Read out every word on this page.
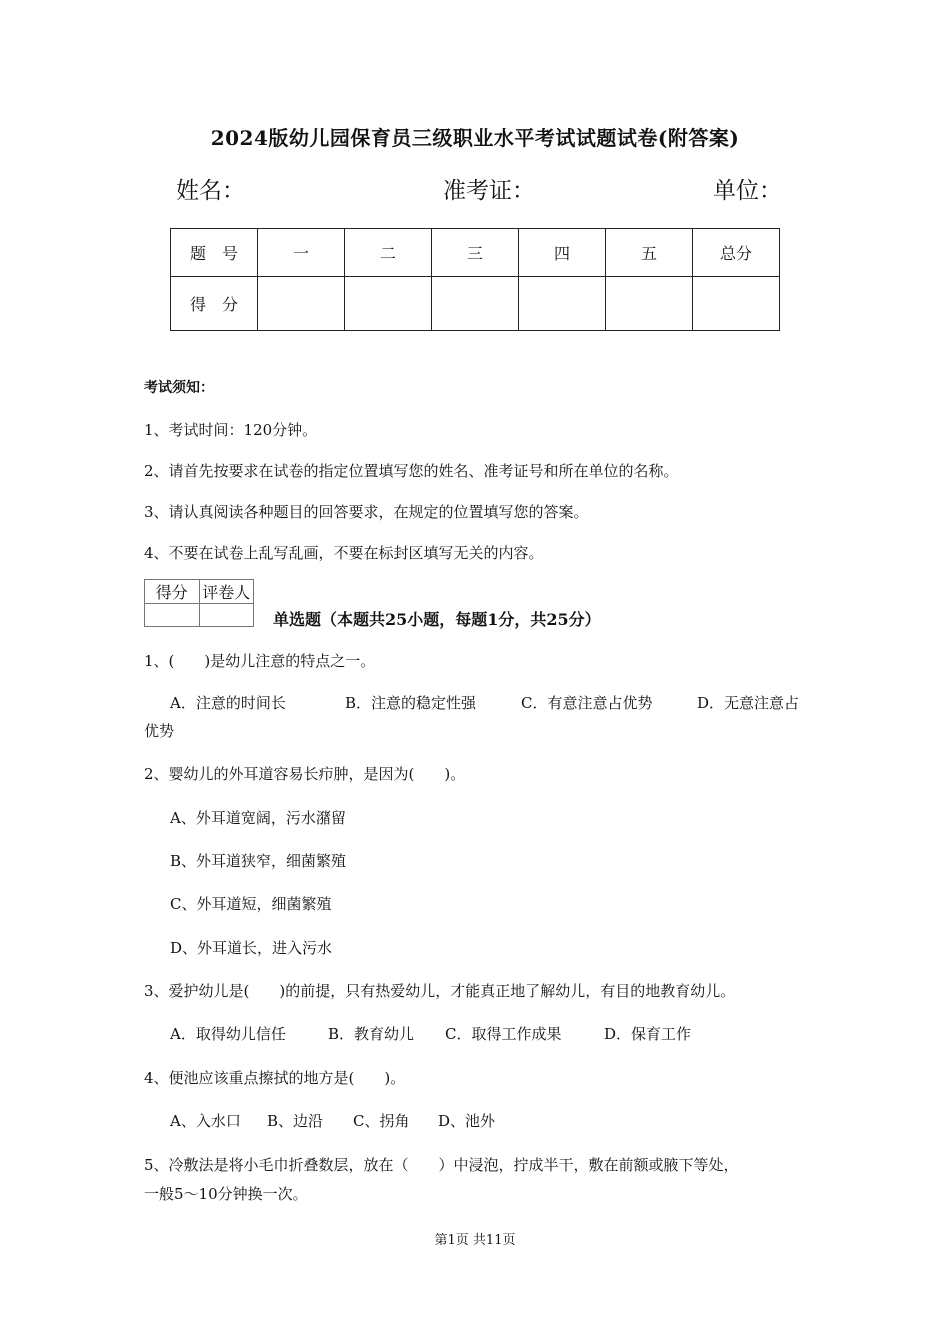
2024版幼儿园保育员三级职业水平考试试题试卷(附答案)
姓名：	准考证：	单位：
题　号	一	二	三	四	五	总分
得　分						
考试须知：
1、考试时间：120分钟。
2、请首先按要求在试卷的指定位置填写您的姓名、准考证号和所在单位的名称。
3、请认真阅读各种题目的回答要求，在规定的位置填写您的答案。
4、不要在试卷上乱写乱画，不要在标封区填写无关的内容。
得分	评卷人

单选题（本题共25小题，每题1分，共25分）
1、(　　)是幼儿注意的特点之一。
A．注意的时间长	B．注意的稳定性强	C．有意注意占优势	D．无意注意占
优势
2、婴幼儿的外耳道容易长疖肿，是因为(　　)。
A、外耳道宽阔，污水潴留
B、外耳道狭窄，细菌繁殖
C、外耳道短，细菌繁殖
D、外耳道长，进入污水
3、爱护幼儿是(　　)的前提，只有热爱幼儿，才能真正地了解幼儿，有目的地教育幼儿。
A．取得幼儿信任	B．教育幼儿 C．取得工作成果	D．保育工作
4、便池应该重点擦拭的地方是(　　)。
A、入水口 B、边沿 C、拐角 D、池外
5、冷敷法是将小毛巾折叠数层，放在（　　）中浸泡，拧成半干，敷在前额或腋下等处，
一般5～10分钟换一次。
第1页 共11页
